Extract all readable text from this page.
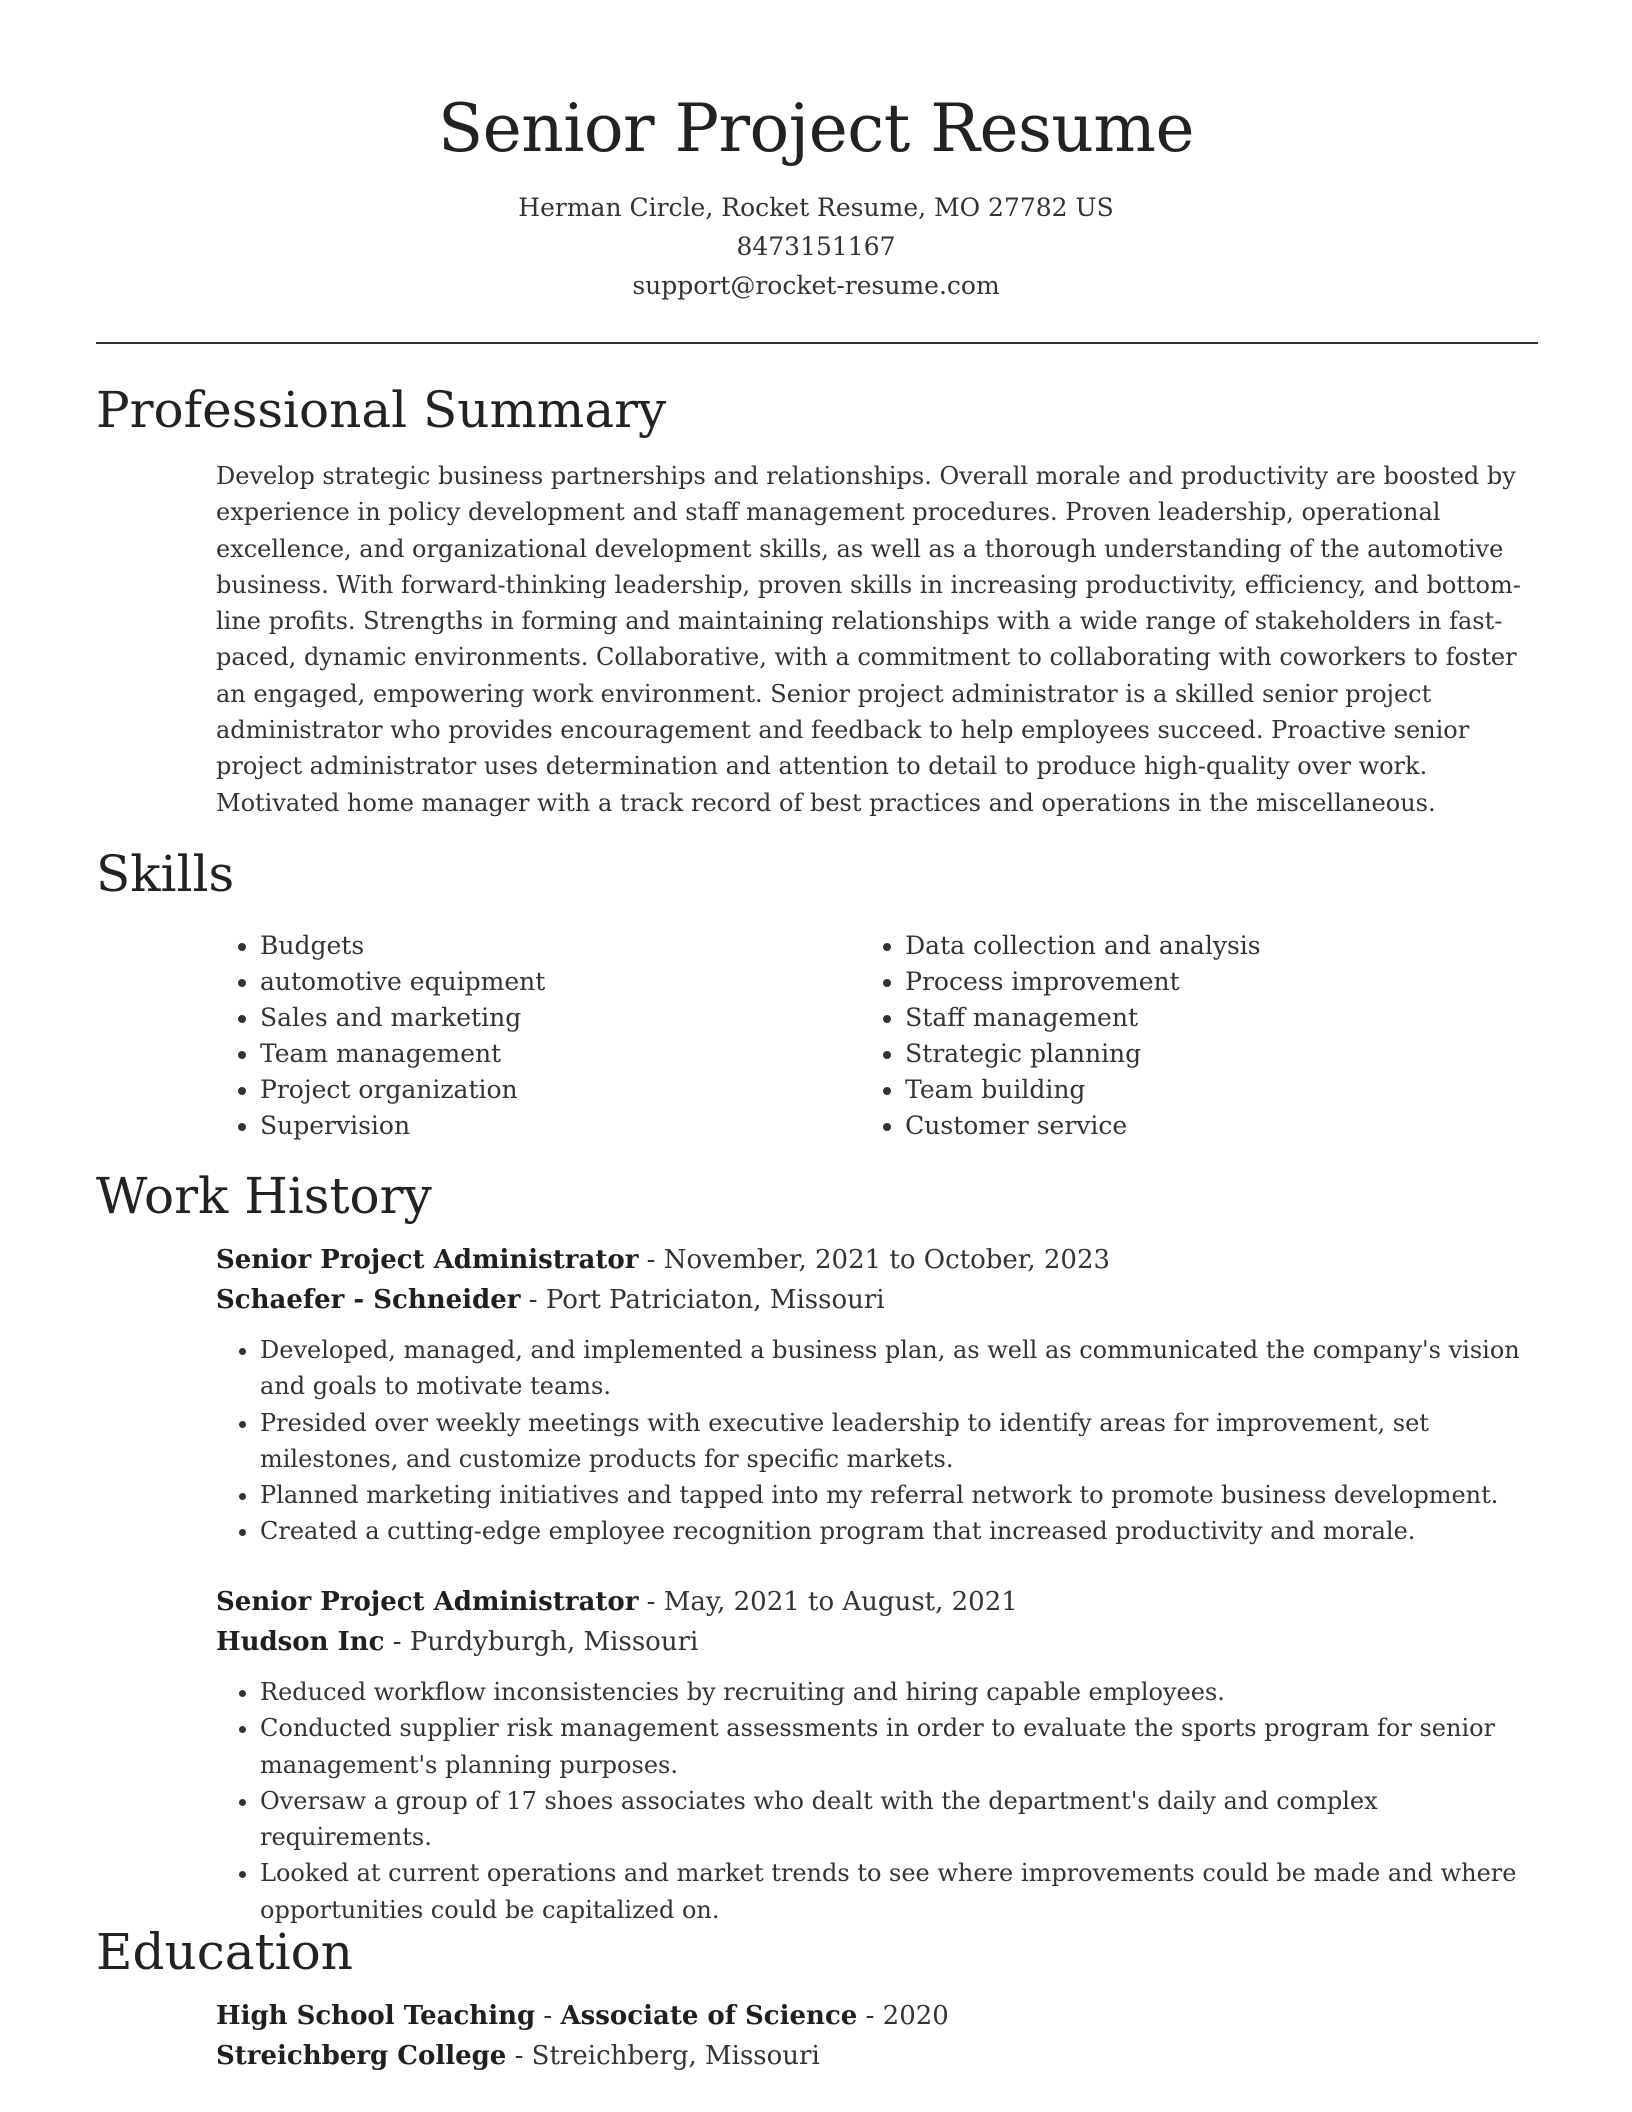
Senior Project Resume

Herman Circle, Rocket Resume, MO 27782 US

8473151167

support@rocket-resume.com

Professional Summary

Develop strategic business partnerships and relationships. Overall morale and productivity are boosted by experience in policy development and staff management procedures. Proven leadership, operational excellence, and organizational development skills, as well as a thorough understanding of the automotive business. With forward-thinking leadership, proven skills in increasing productivity, efficiency, and bottom-line profits. Strengths in forming and maintaining relationships with a wide range of stakeholders in fast-paced, dynamic environments. Collaborative, with a commitment to collaborating with coworkers to foster an engaged, empowering work environment. Senior project administrator is a skilled senior project administrator who provides encouragement and feedback to help employees succeed. Proactive senior project administrator uses determination and attention to detail to produce high-quality over work. Motivated home manager with a track record of best practices and operations in the miscellaneous.

Skills
• Budgets
• automotive equipment
• Sales and marketing
• Team management
• Project organization
• Supervision
• Data collection and analysis
• Process improvement
• Staff management
• Strategic planning
• Team building
• Customer service
Work History

Senior Project Administrator - November, 2021 to October, 2023

Schaefer - Schneider - Port Patriciaton, Missouri

• Developed, managed, and implemented a business plan, as well as communicated the company's vision and goals to motivate teams.
• Presided over weekly meetings with executive leadership to identify areas for improvement, set milestones, and customize products for specific markets.
• Planned marketing initiatives and tapped into my referral network to promote business development.
• Created a cutting-edge employee recognition program that increased productivity and morale.

Senior Project Administrator - May, 2021 to August, 2021

Hudson Inc - Purdyburgh, Missouri

• Reduced workflow inconsistencies by recruiting and hiring capable employees.
• Conducted supplier risk management assessments in order to evaluate the sports program for senior management's planning purposes.
• Oversaw a group of 17 shoes associates who dealt with the department's daily and complex requirements.
• Looked at current operations and market trends to see where improvements could be made and where opportunities could be capitalized on.
Education

High School Teaching - Associate of Science - 2020

Streichberg College - Streichberg, Missouri
